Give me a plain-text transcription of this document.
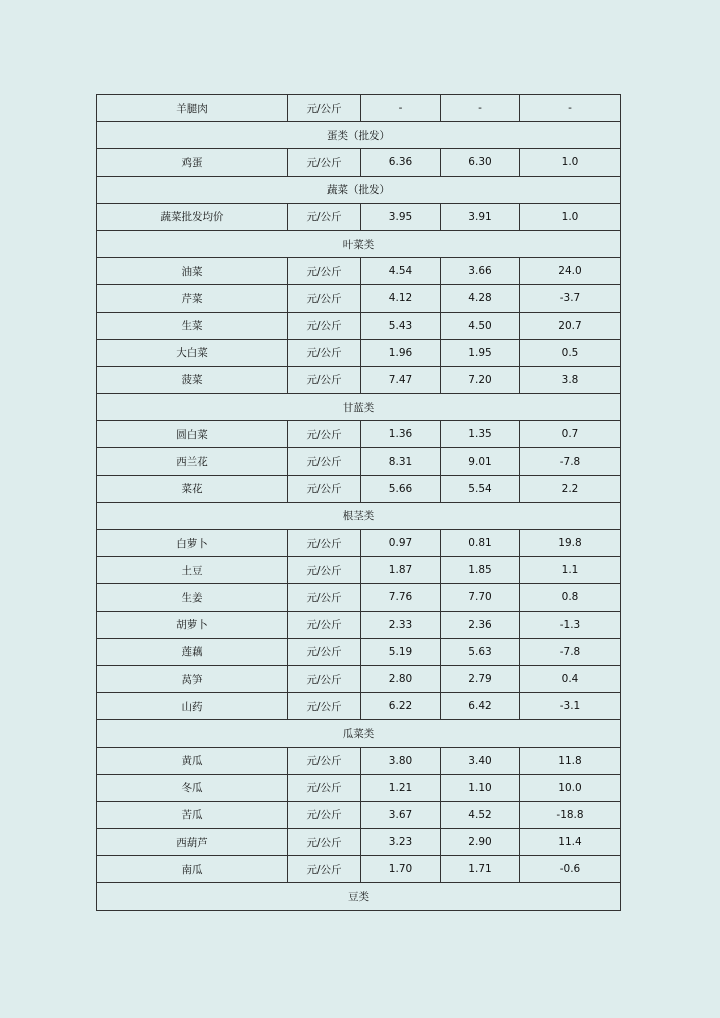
羊腿肉	元/公斤	-	-	-
蛋类（批发）				
鸡蛋	元/公斤	6.36	6.30	1.0
蔬菜（批发）				
蔬菜批发均价	元/公斤	3.95	3.91	1.0
叶菜类				
油菜	元/公斤	4.54	3.66	24.0
芹菜	元/公斤	4.12	4.28	-3.7
生菜	元/公斤	5.43	4.50	20.7
大白菜	元/公斤	1.96	1.95	0.5
菠菜	元/公斤	7.47	7.20	3.8
甘蓝类				
圆白菜	元/公斤	1.36	1.35	0.7
西兰花	元/公斤	8.31	9.01	-7.8
菜花	元/公斤	5.66	5.54	2.2
根茎类				
白萝卜	元/公斤	0.97	0.81	19.8
土豆	元/公斤	1.87	1.85	1.1
生姜	元/公斤	7.76	7.70	0.8
胡萝卜	元/公斤	2.33	2.36	-1.3
莲藕	元/公斤	5.19	5.63	-7.8
莴笋	元/公斤	2.80	2.79	0.4
山药	元/公斤	6.22	6.42	-3.1
瓜菜类				
黄瓜	元/公斤	3.80	3.40	11.8
冬瓜	元/公斤	1.21	1.10	10.0
苦瓜	元/公斤	3.67	4.52	-18.8
西葫芦	元/公斤	3.23	2.90	11.4
南瓜	元/公斤	1.70	1.71	-0.6
豆类				
